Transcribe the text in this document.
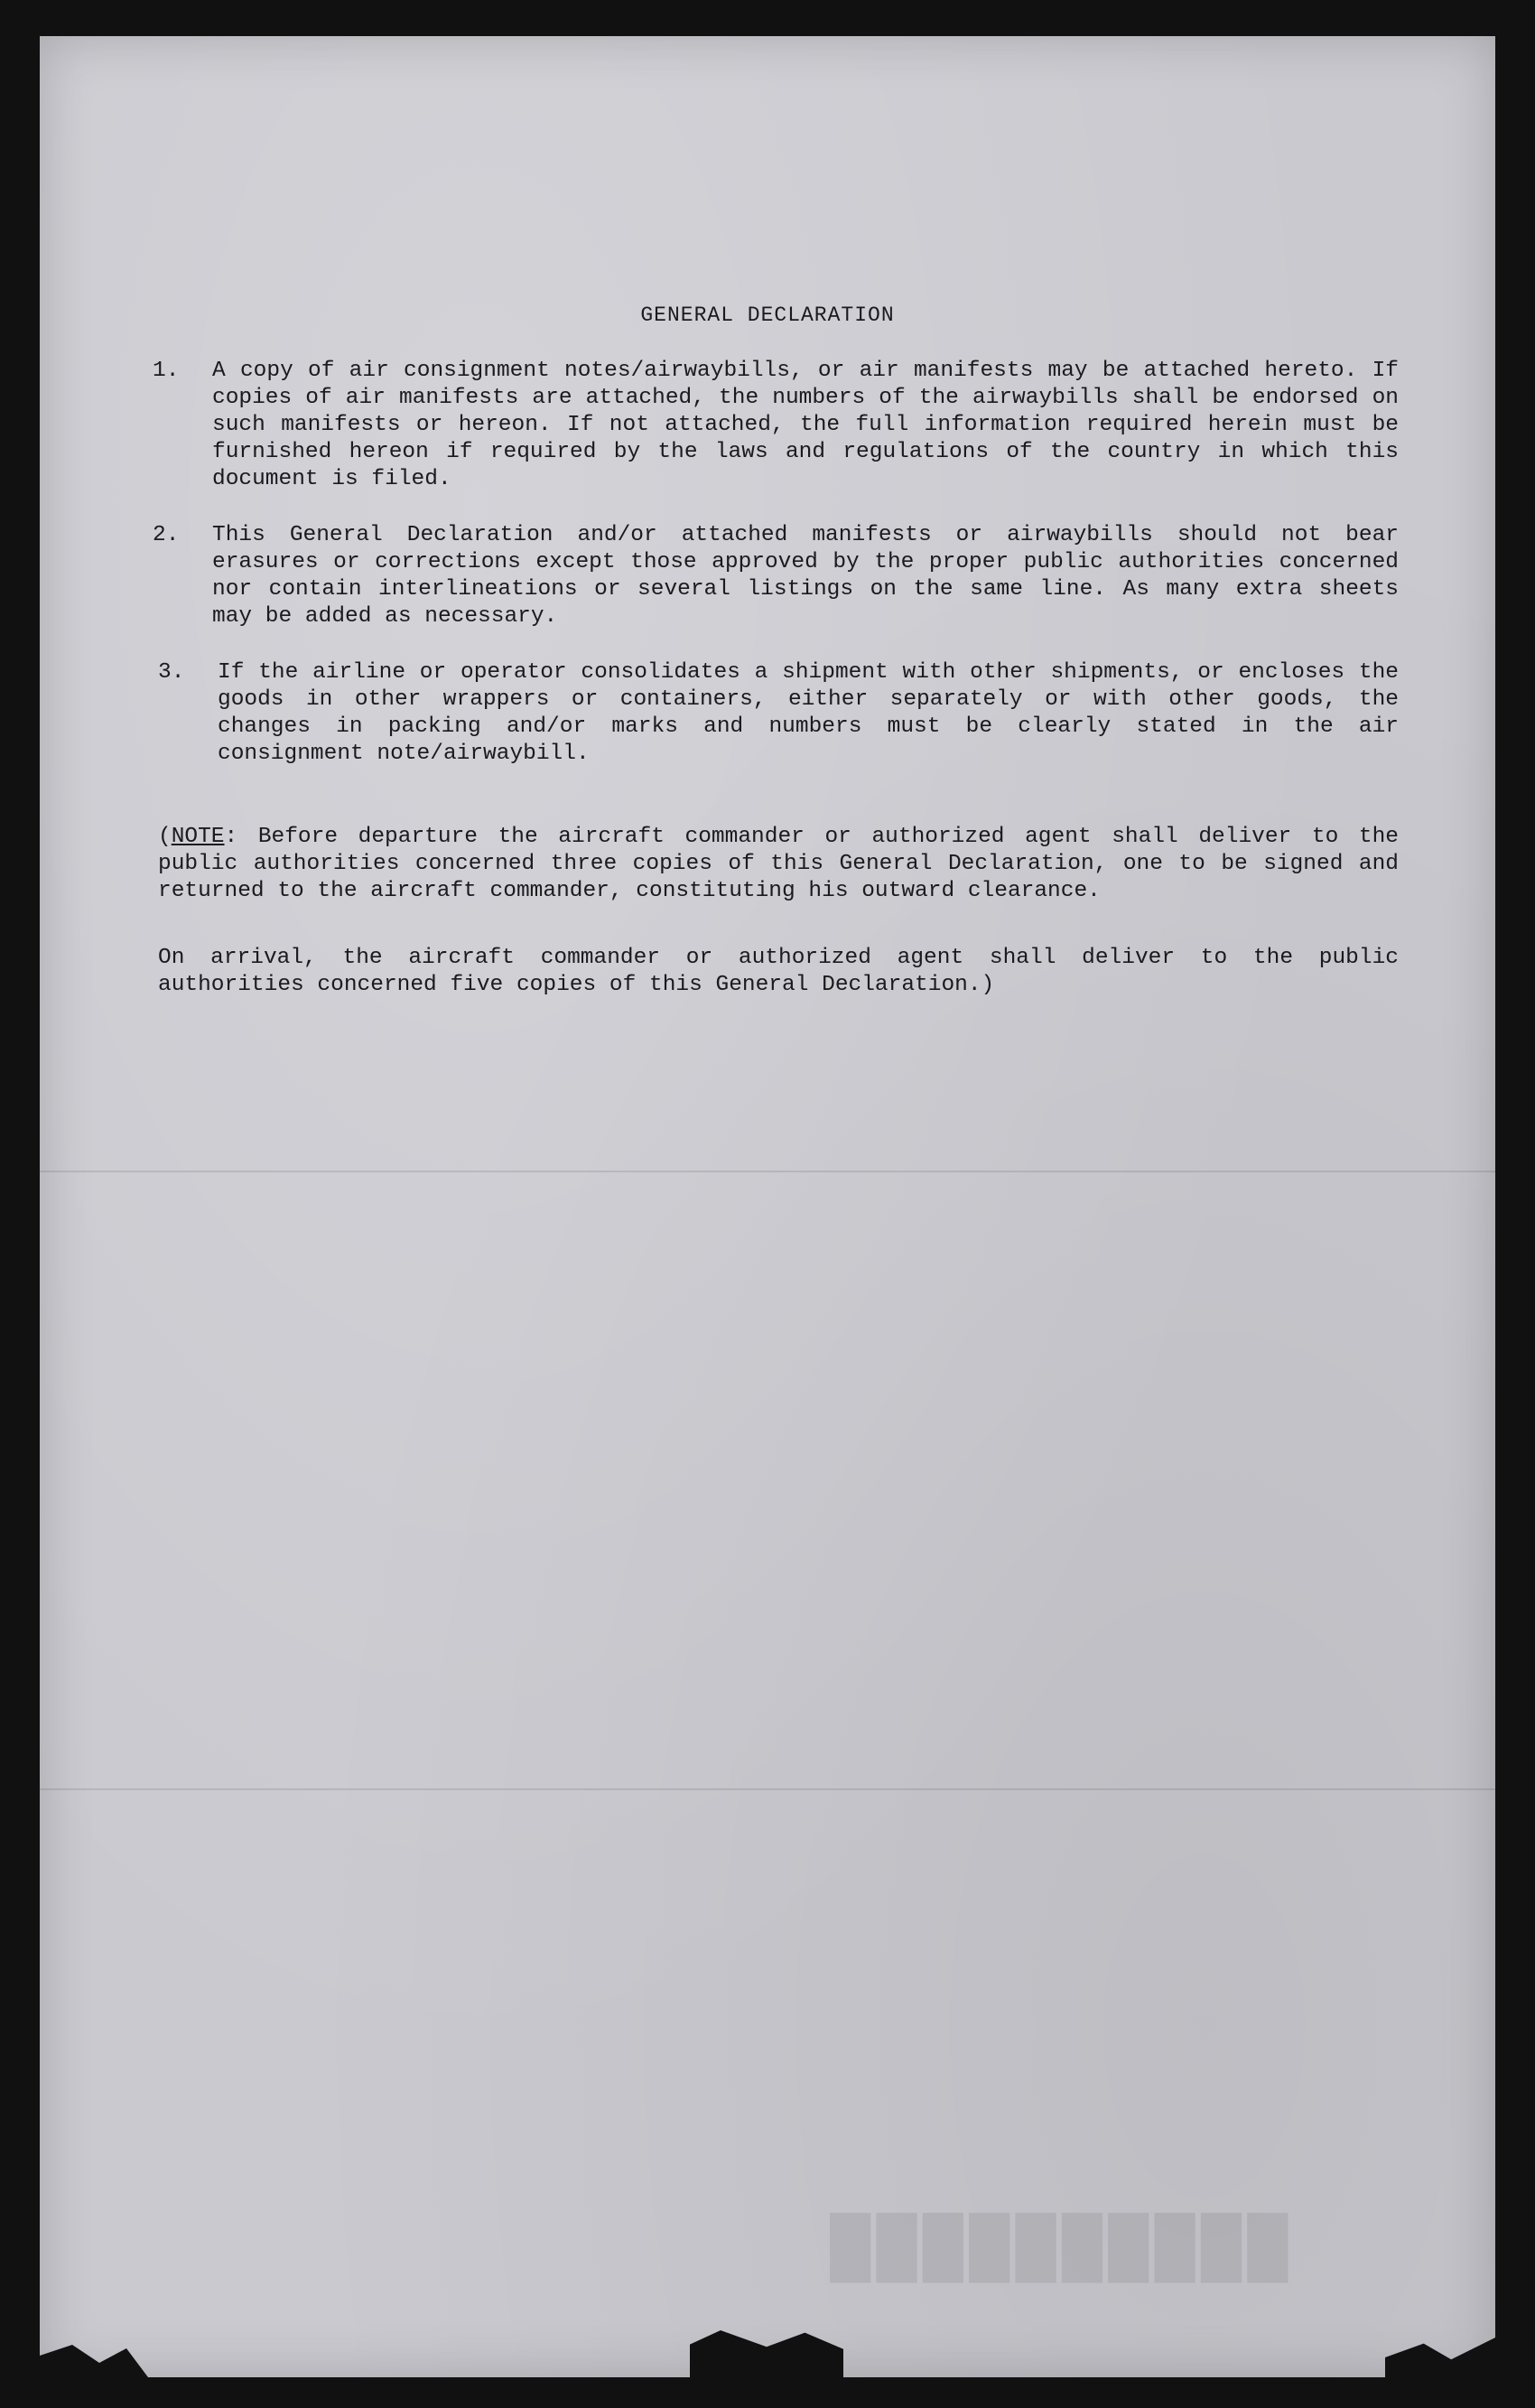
██████████
GENERAL DECLARATION
1. A copy of air consignment notes/airwaybills, or air manifests may be attached hereto. If copies of air manifests are attached, the numbers of the airwaybills shall be endorsed on such manifests or hereon. If not attached, the full information required herein must be furnished hereon if required by the laws and regulations of the country in which this document is filed.
2. This General Declaration and/or attached manifests or airwaybills should not bear erasures or corrections except those approved by the proper public authorities concerned nor contain interlineations or several listings on the same line. As many extra sheets may be added as necessary.
3. If the airline or operator consolidates a shipment with other shipments, or encloses the goods in other wrappers or containers, either separately or with other goods, the changes in packing and/or marks and numbers must be clearly stated in the air consignment note/airwaybill.
(NOTE: Before departure the aircraft commander or authorized agent shall deliver to the public authorities concerned three copies of this General Declaration, one to be signed and returned to the aircraft commander, constituting his outward clearance.
On arrival, the aircraft commander or authorized agent shall deliver to the public authorities concerned five copies of this General Declaration.)
